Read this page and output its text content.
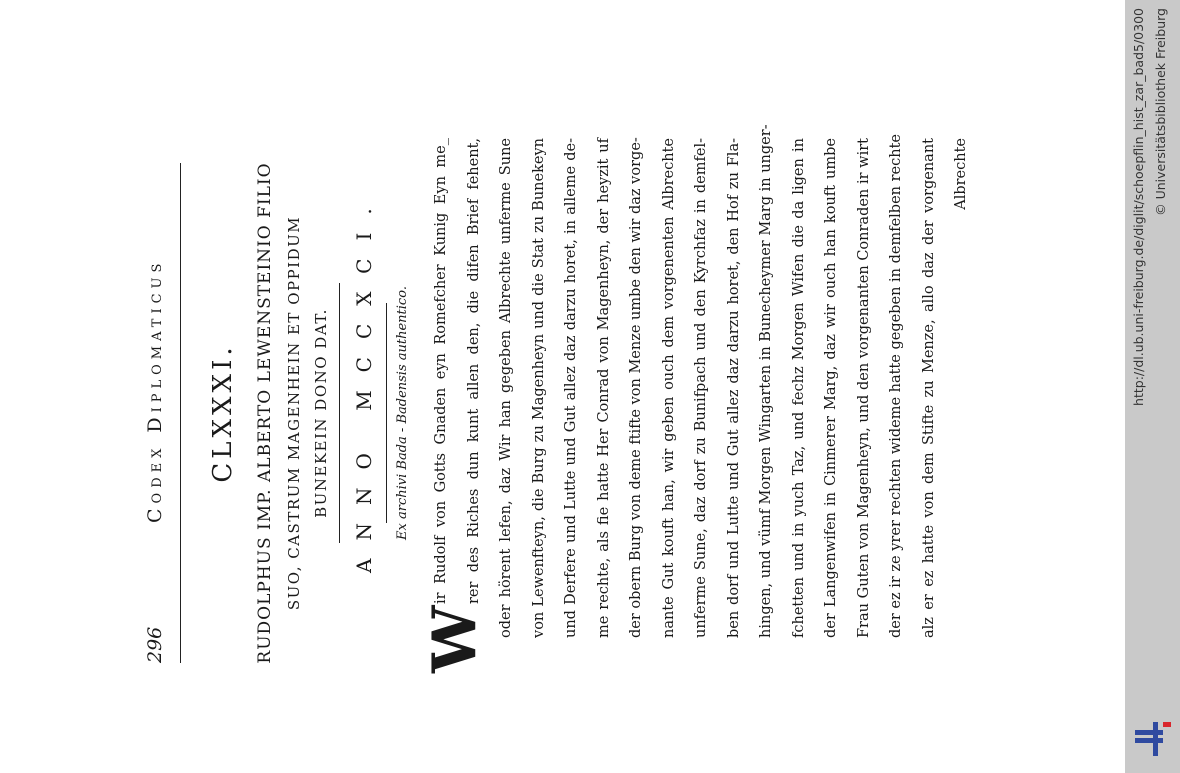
296
Codex Diplomaticus CLXXXI. RUDOLPHUS IMP. ALBERTO LEWENSTEINIO FILIO SUO, CASTRUM MAGENHEIN ET OPPIDUM BUNEKEIN DONO DAT. ANNO MCCXCI. Ex archivi Bada - Badensis authentico.
W
ir Rudolf von Gotts Gnaden eyn Romefcher Kunig Eyn me_	rer des Riches dun kunt allen den, die difen Brief fehent,	oder hörent lefen, daz Wir han gegeben Albrechte unferme Sune	von Lewenfteyn, die Burg zu Magenheyn und die Stat zu Bunekeyn	und Derfere und Lutte und Gut allez daz darzu horet, in alleme de-	me rechte, als fie hatte Her Conrad von Magenheyn, der heyzit uf	der obern Burg von deme ftifte von Menze umbe den wir daz vorge-	nante Gut kouft han, wir geben ouch dem vorgenenten Albrechte	unferme Sune, daz dorf zu Bunifpach und den Kyrchfaz in demfel-	ben dorf und Lutte und Gut allez daz darzu horet, den Hof zu Fla-	hingen, und vümf Morgen Wingarten in Bunecheymer Marg in unger-	fchetten und in yuch Taz, und fechz Morgen Wifen die da ligen in	der Langenwifen in Cinmerer Marg, daz wir ouch han kouft umbe	Frau Guten von Magenheyn, und den vorgenanten Conraden ir wirt	der ez ir ze yrer rechten wideme hatte gegeben in demfelben rechte	alz er ez hatte von dem Stifte zu Menze, allo daz der vorgenant	Albrechte	http://dl.ub.uni-freiburg.de/diglit/schoepflin_hist_zar_bad5/0300 © Universitätsbibliothek Freiburg
